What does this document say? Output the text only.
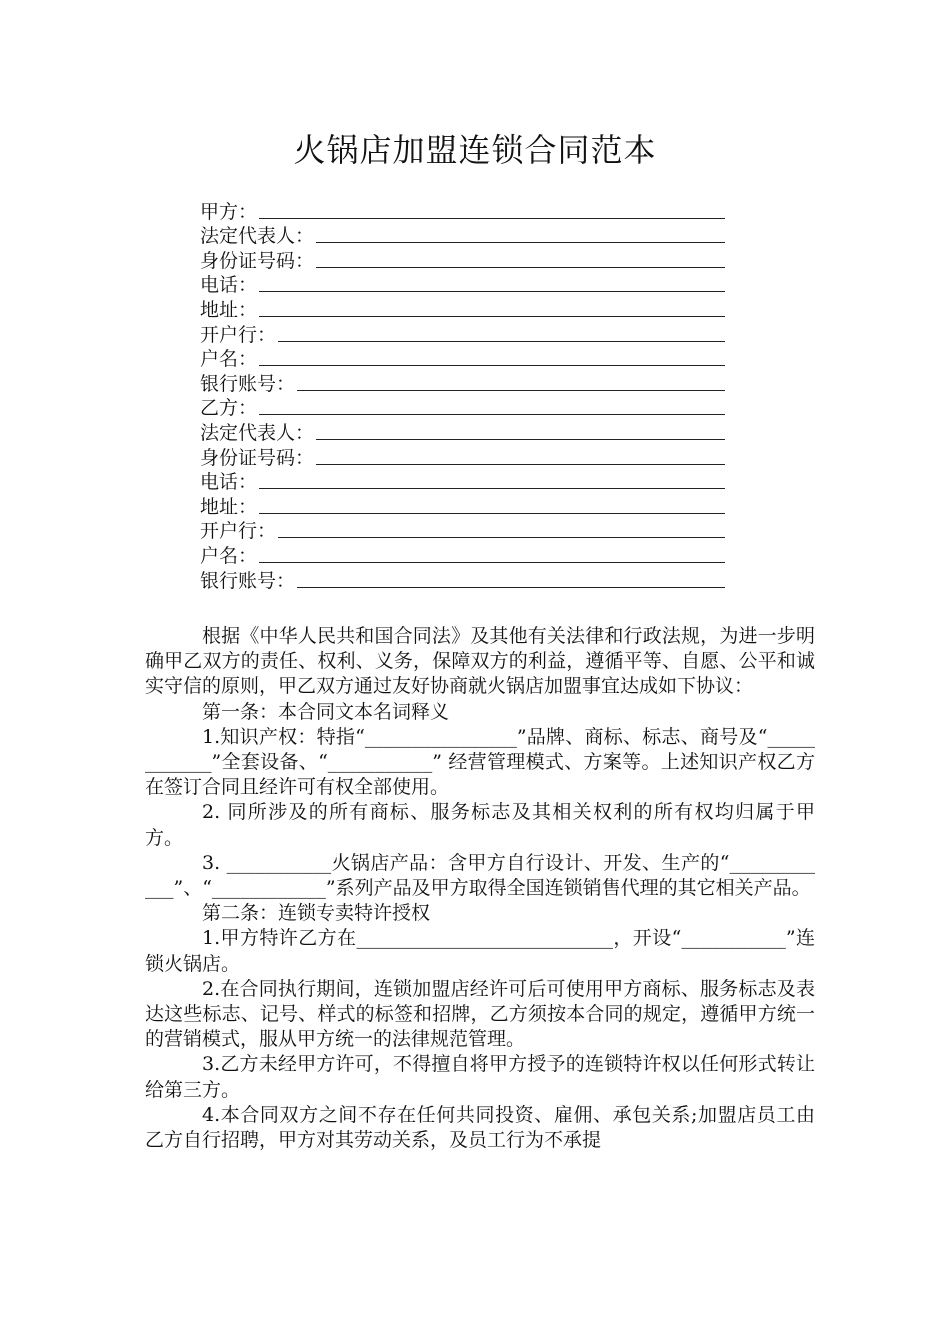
火锅店加盟连锁合同范本
甲方：
法定代表人：
身份证号码：
电话：
地址：
开户行：
户名：
银行账号：
乙方：
法定代表人：
身份证号码：
电话：
地址：
开户行：
户名：
银行账号：

根据《中华人民共和国合同法》及其他有关法律和行政法规，为进一步明确甲乙双方的责任、权利、义务，保障双方的利益，遵循平等、自愿、公平和诚实守信的原则，甲乙双方通过友好协商就火锅店加盟事宜达成如下协议：

第一条：本合同文本名词释义

1.知识产权：特指“________________”品牌、商标、标志、商号及“____________”全套设备、“___________” 经营管理模式、方案等。上述知识产权乙方在签订合同且经许可有权全部使用。

2. 同所涉及的所有商标、服务标志及其相关权利的所有权均归属于甲方。

3. ___________火锅店产品：含甲方自行设计、开发、生产的“____________”、“____________”系列产品及甲方取得全国连锁销售代理的其它相关产品。

第二条：连锁专卖特许授权

1.甲方特许乙方在___________________________，开设“___________”连锁火锅店。

2.在合同执行期间，连锁加盟店经许可后可使用甲方商标、服务标志及表达这些标志、记号、样式的标签和招牌，乙方须按本合同的规定，遵循甲方统一的营销模式，服从甲方统一的法律规范管理。

3.乙方未经甲方许可，不得擅自将甲方授予的连锁特许权以任何形式转让给第三方。

4.本合同双方之间不存在任何共同投资、雇佣、承包关系;加盟店员工由乙方自行招聘，甲方对其劳动关系，及员工行为不承提
